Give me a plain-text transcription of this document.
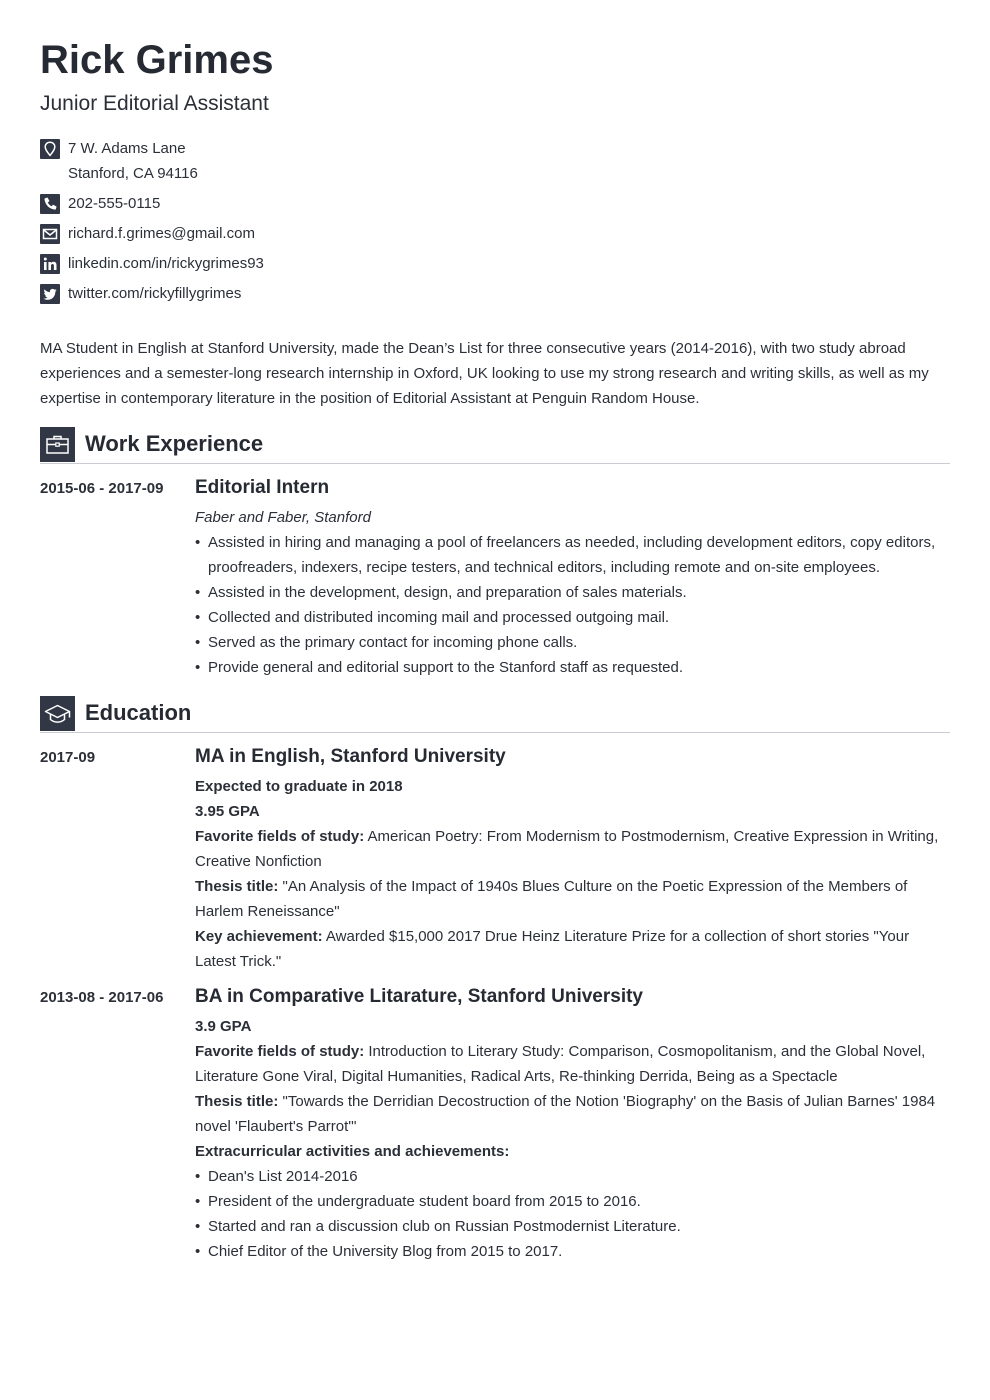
Rick Grimes
Junior Editorial Assistant
7 W. Adams Lane
Stanford, CA 94116
202-555-0115
richard.f.grimes@gmail.com
linkedin.com/in/rickygrimes93
twitter.com/rickyfillygrimes
MA Student in English at Stanford University, made the Dean’s List for three consecutive years (2014-2016), with two study abroad experiences and a semester-long research internship in Oxford, UK looking to use my strong research and writing skills, as well as my expertise in contemporary literature in the position of Editorial Assistant at Penguin Random House.
Work Experience
2015-06 - 2017-09 Editorial Intern
Faber and Faber, Stanford
• Assisted in hiring and managing a pool of freelancers as needed, including development editors, copy editors, proofreaders, indexers, recipe testers, and technical editors, including remote and on-site employees.
• Assisted in the development, design, and preparation of sales materials.
• Collected and distributed incoming mail and processed outgoing mail.
• Served as the primary contact for incoming phone calls.
• Provide general and editorial support to the Stanford staff as requested.
Education
2017-09	MA in English, Stanford University
Expected to graduate in 2018
3.95 GPA
Favorite fields of study: American Poetry: From Modernism to Postmodernism, Creative Expression in Writing, Creative Nonfiction
Thesis title: "An Analysis of the Impact of 1940s Blues Culture on the Poetic Expression of the Members of Harlem Reneissance"
Key achievement: Awarded $15,000 2017 Drue Heinz Literature Prize for a collection of short stories "Your Latest Trick."
2013-08 - 2017-06 BA in Comparative Litarature, Stanford University
3.9 GPA
Favorite fields of study: Introduction to Literary Study: Comparison, Cosmopolitanism, and the Global Novel, Literature Gone Viral, Digital Humanities, Radical Arts, Re-thinking Derrida, Being as a Spectacle
Thesis title: "Towards the Derridian Decostruction of the Notion 'Biography' on the Basis of Julian Barnes' 1984 novel 'Flaubert's Parrot'"
Extracurricular activities and achievements:
• Dean's List 2014-2016
• President of the undergraduate student board from 2015 to 2016.
• Started and ran a discussion club on Russian Postmodernist Literature.
• Chief Editor of the University Blog from 2015 to 2017.
